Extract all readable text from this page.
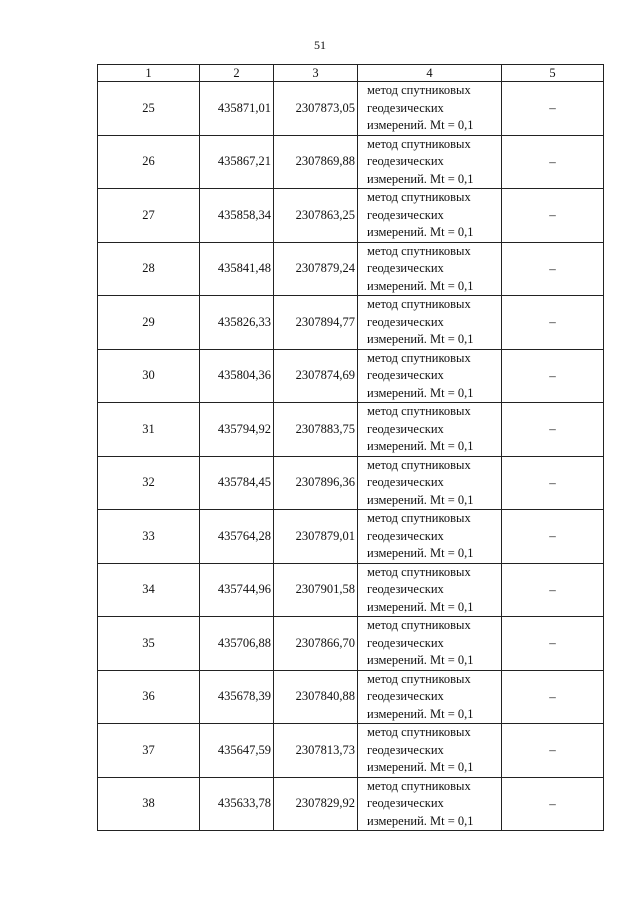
51
1	2	3	4	5
25	435871,01	2307873,05	метод спутниковых
геодезических
измерений. Mt = 0,1	–
26	435867,21	2307869,88	метод спутниковых
геодезических
измерений. Mt = 0,1	–
27	435858,34	2307863,25	метод спутниковых
геодезических
измерений. Mt = 0,1	–
28	435841,48	2307879,24	метод спутниковых
геодезических
измерений. Mt = 0,1	–
29	435826,33	2307894,77	метод спутниковых
геодезических
измерений. Mt = 0,1	–
30	435804,36	2307874,69	метод спутниковых
геодезических
измерений. Mt = 0,1	–
31	435794,92	2307883,75	метод спутниковых
геодезических
измерений. Mt = 0,1	–
32	435784,45	2307896,36	метод спутниковых
геодезических
измерений. Mt = 0,1	–
33	435764,28	2307879,01	метод спутниковых
геодезических
измерений. Mt = 0,1	–
34	435744,96	2307901,58	метод спутниковых
геодезических
измерений. Mt = 0,1	–
35	435706,88	2307866,70	метод спутниковых
геодезических
измерений. Mt = 0,1	–
36	435678,39	2307840,88	метод спутниковых
геодезических
измерений. Mt = 0,1	–
37	435647,59	2307813,73	метод спутниковых
геодезических
измерений. Mt = 0,1	–
38	435633,78	2307829,92	метод спутниковых
геодезических
измерений. Mt = 0,1	–
